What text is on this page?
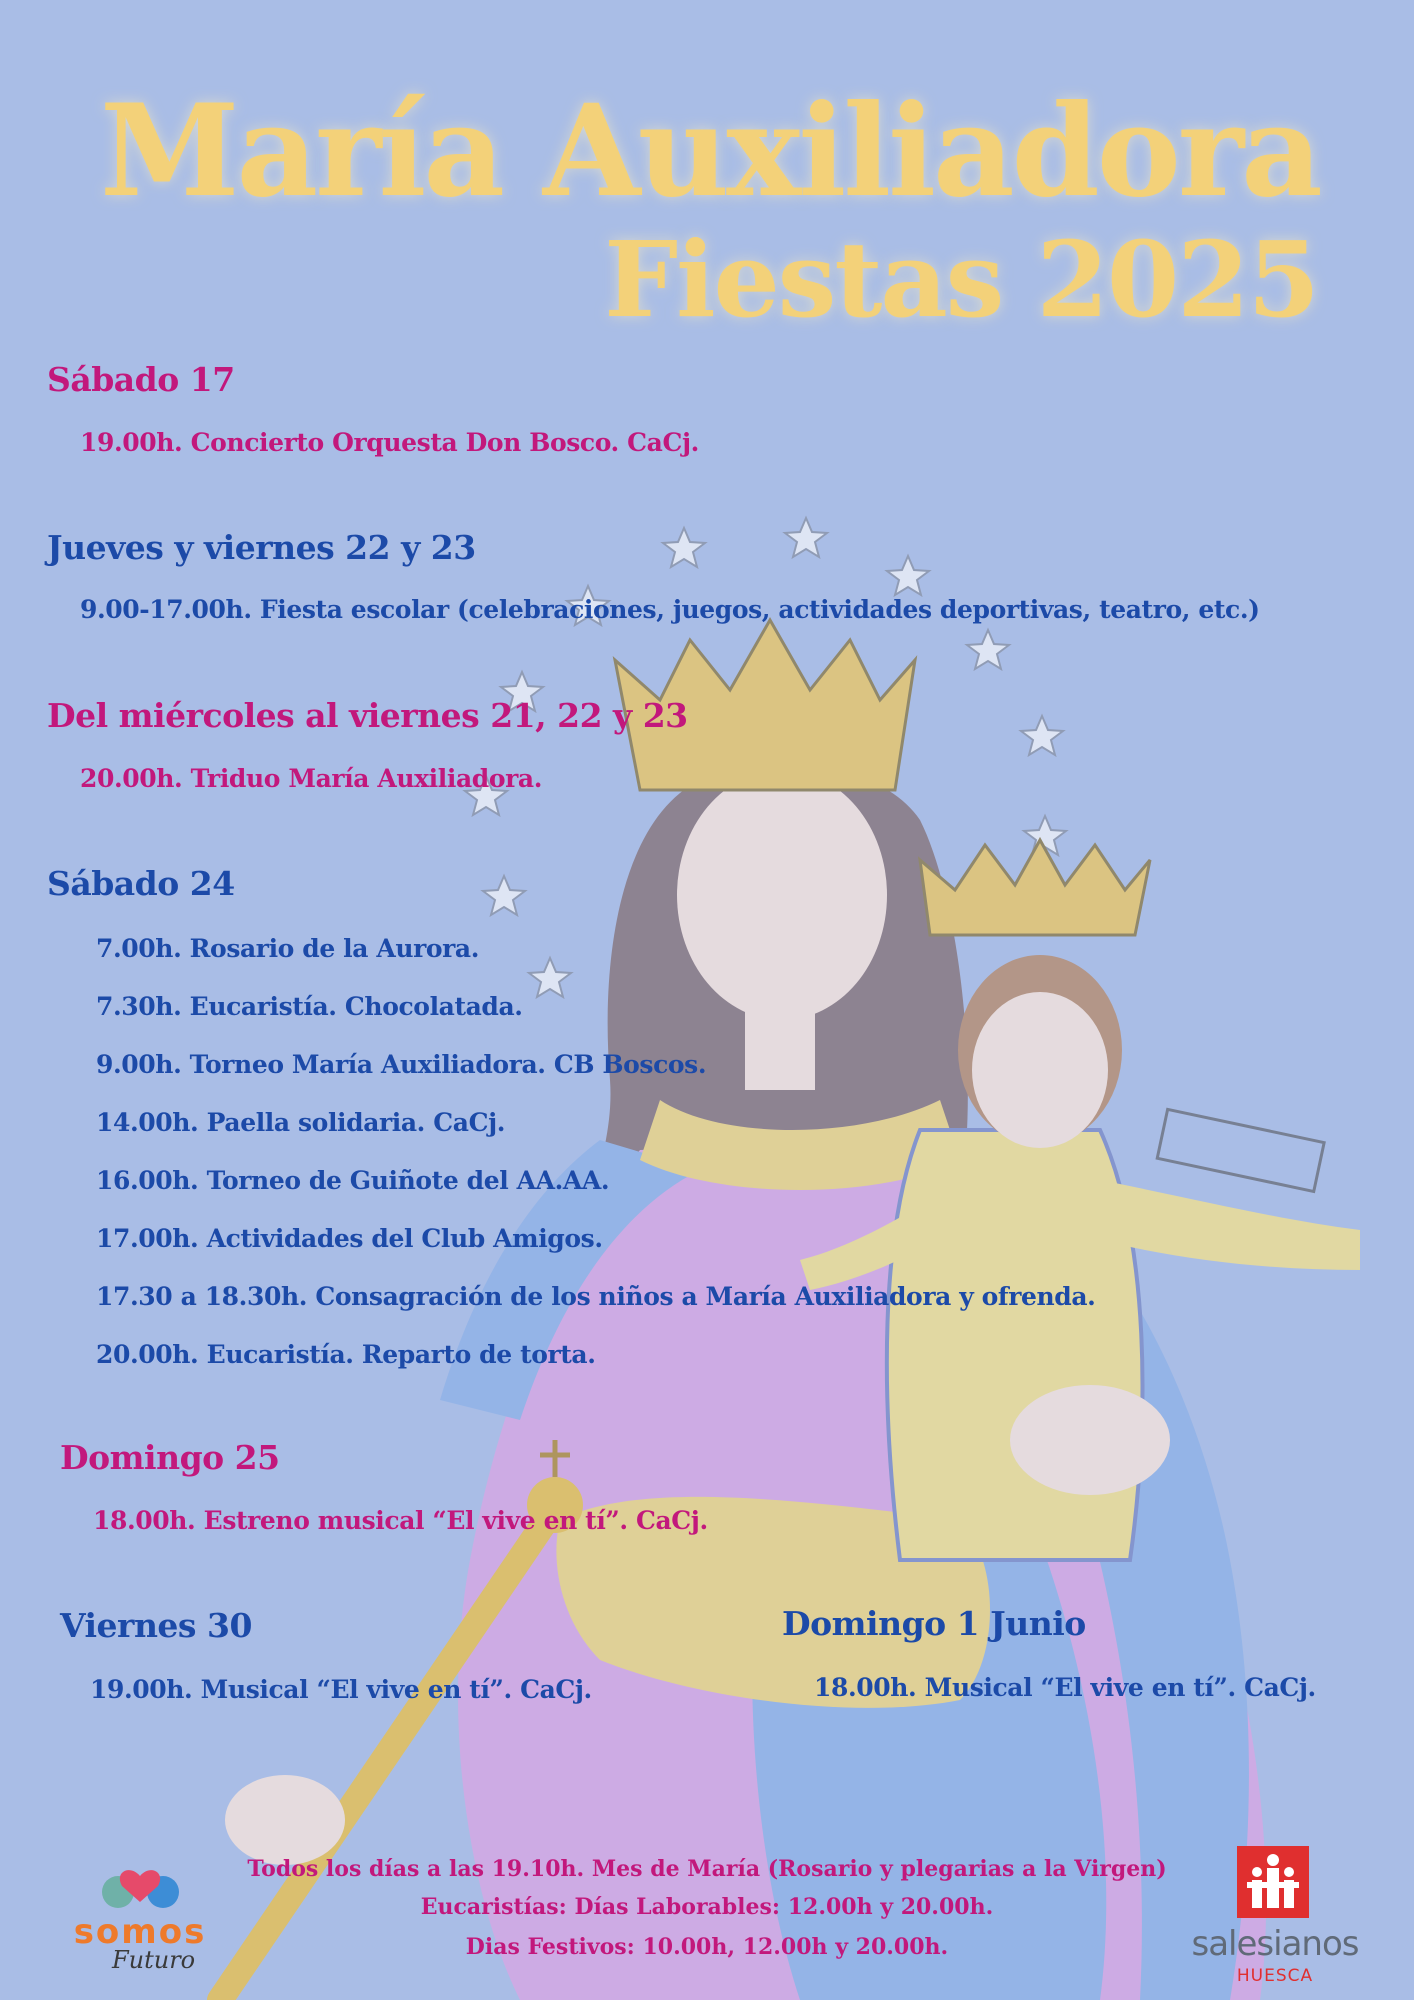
María Auxiliadora
Fiestas 2025
Sábado 17

19.00h. Concierto Orquesta Don Bosco. CaCj.

Jueves y viernes 22 y 23

9.00-17.00h. Fiesta escolar (celebraciones, juegos, actividades deportivas, teatro, etc.)

Del miércoles al viernes 21, 22 y 23

20.00h. Triduo María Auxiliadora.

Sábado 24

7.00h. Rosario de la Aurora.

7.30h. Eucaristía. Chocolatada.

9.00h. Torneo María Auxiliadora. CB Boscos.

14.00h. Paella solidaria. CaCj.

16.00h. Torneo de Guiñote del AA.AA.

17.00h. Actividades del Club Amigos.

17.30 a 18.30h. Consagración de los niños a María Auxiliadora y ofrenda.

20.00h. Eucaristía. Reparto de torta.

Domingo 25

18.00h. Estreno musical “El vive en tí”. CaCj.

Viernes 30

19.00h. Musical “El vive en tí”. CaCj.

Domingo 1 Junio

18.00h. Musical “El vive en tí”. CaCj.

Todos los días a las 19.10h. Mes de María (Rosario y plegarias a la Virgen)

Eucaristías: Días Laborables: 12.00h y 20.00h.

Dias Festivos: 10.00h, 12.00h y 20.00h.

somos

Futuro	salesianos

HUESCA
